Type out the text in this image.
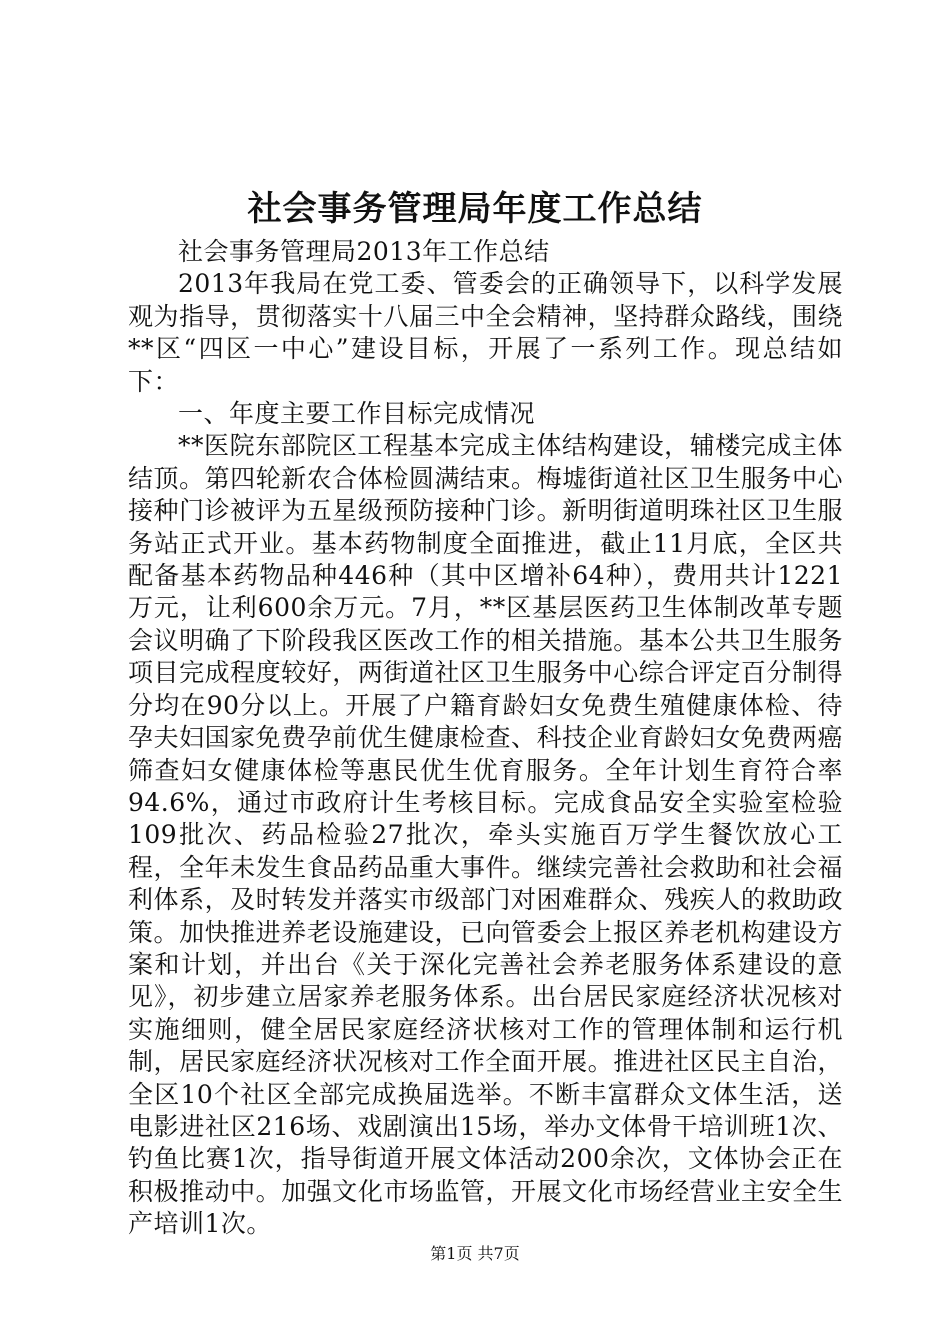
社会事务管理局年度工作总结

社会事务管理局2013年工作总结

2013年我局在党工委、管委会的正确领导下，以科学发展观为指导，贯彻落实十八届三中全会精神，坚持群众路线，围绕**区“四区一中心”建设目标，开展了一系列工作。现总结如下：

一、年度主要工作目标完成情况

**医院东部院区工程基本完成主体结构建设，辅楼完成主体结顶。第四轮新农合体检圆满结束。梅墟街道社区卫生服务中心接种门诊被评为五星级预防接种门诊。新明街道明珠社区卫生服务站正式开业。基本药物制度全面推进，截止11月底，全区共配备基本药物品种446种（其中区增补64种），费用共计1221万元，让利600余万元。7月，**区基层医药卫生体制改革专题会议明确了下阶段我区医改工作的相关措施。基本公共卫生服务项目完成程度较好，两街道社区卫生服务中心综合评定百分制得分均在90分以上。开展了户籍育龄妇女免费生殖健康体检、待孕夫妇国家免费孕前优生健康检查、科技企业育龄妇女免费两癌筛查妇女健康体检等惠民优生优育服务。全年计划生育符合率94.6%，通过市政府计生考核目标。完成食品安全实验室检验109批次、药品检验27批次，牵头实施百万学生餐饮放心工程，全年未发生食品药品重大事件。继续完善社会救助和社会福利体系，及时转发并落实市级部门对困难群众、残疾人的救助政策。加快推进养老设施建设，已向管委会上报区养老机构建设方案和计划，并出台《关于深化完善社会养老服务体系建设的意见》，初步建立居家养老服务体系。出台居民家庭经济状况核对实施细则，健全居民家庭经济状核对工作的管理体制和运行机制，居民家庭经济状况核对工作全面开展。推进社区民主自治，全区10个社区全部完成换届选举。不断丰富群众文体生活，送电影进社区216场、戏剧演出15场，举办文体骨干培训班1次、钓鱼比赛1次，指导街道开展文体活动200余次，文体协会正在积极推动中。加强文化市场监管，开展文化市场经营业主安全生产培训1次。

第1页 共7页
